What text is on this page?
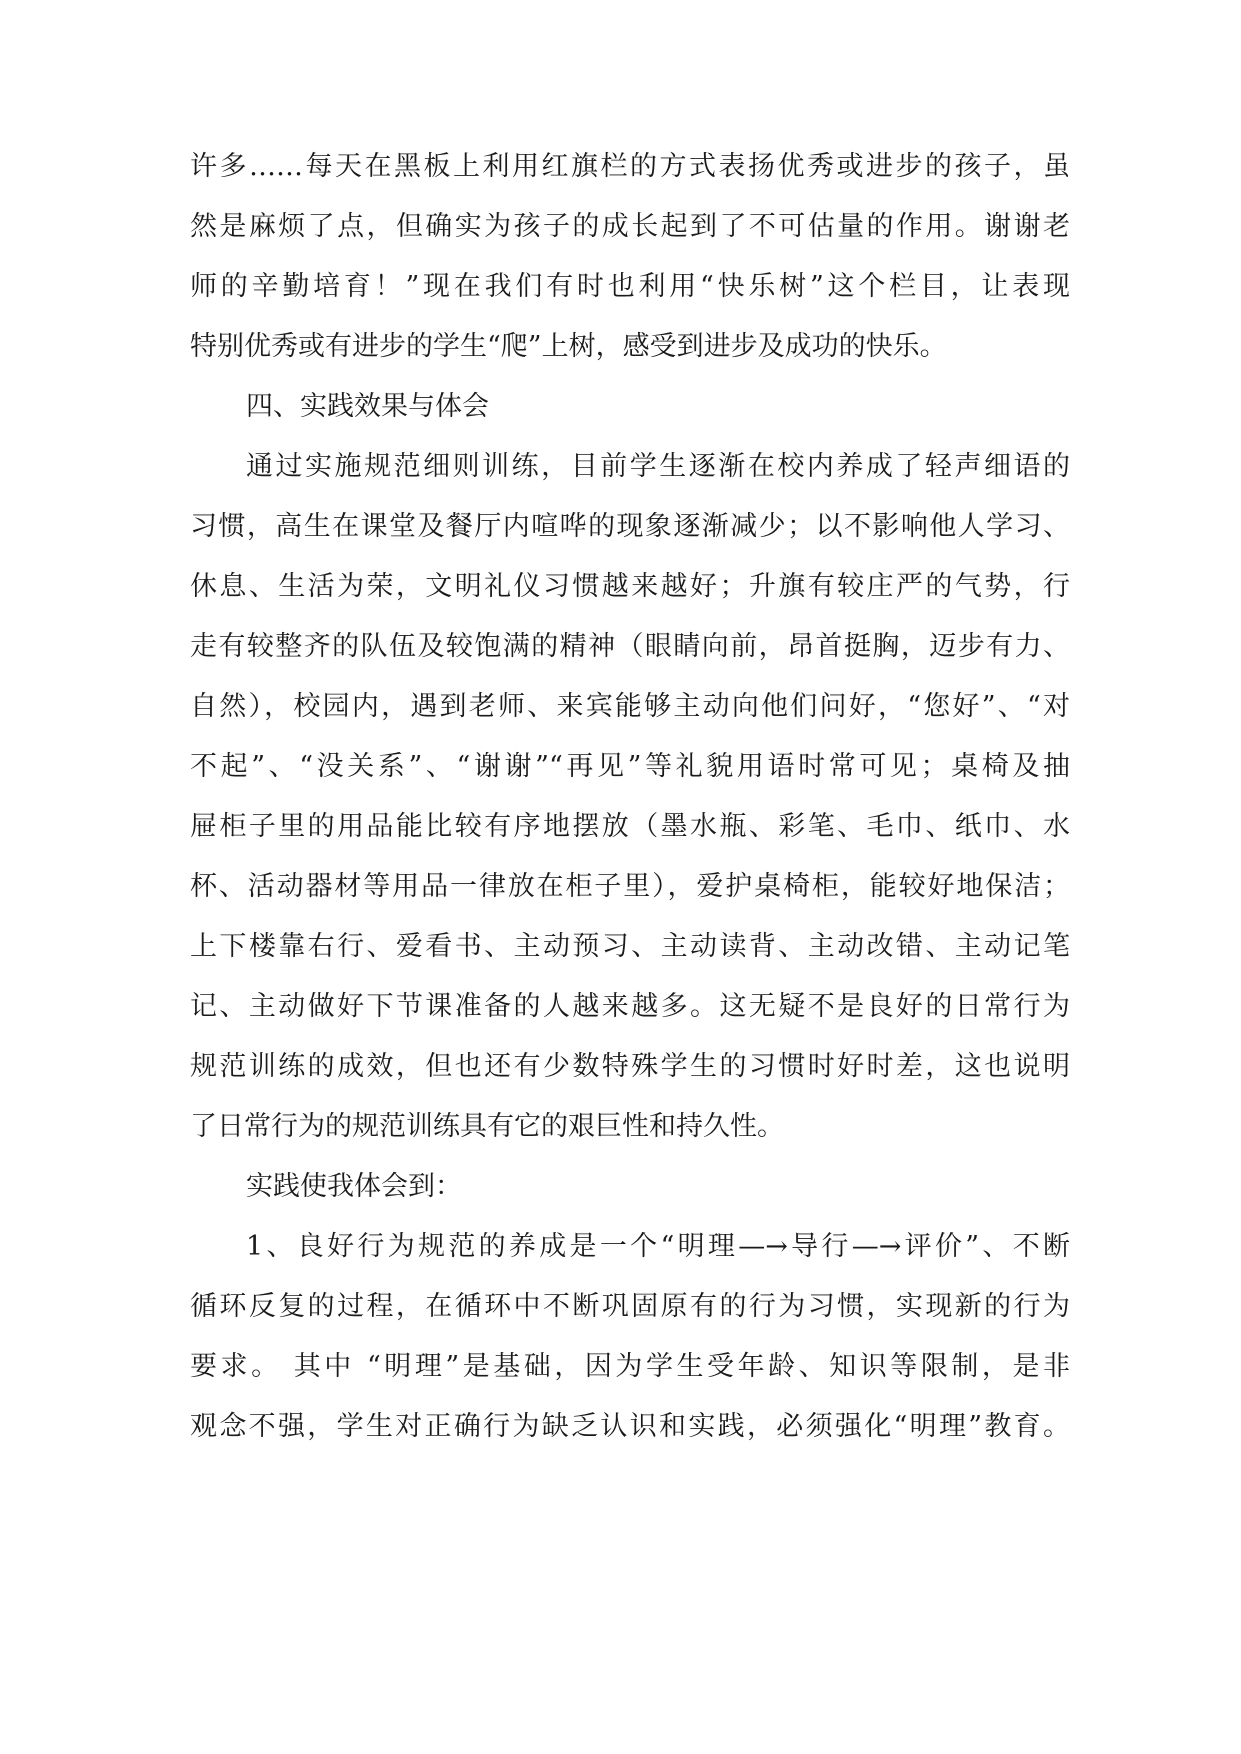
许多……每天在黑板上利用红旗栏的方式表扬优秀或进步的孩子，虽
然是麻烦了点，但确实为孩子的成长起到了不可估量的作用。谢谢老
师的辛勤培育！”现在我们有时也利用“快乐树”这个栏目，让表现
特别优秀或有进步的学生“爬”上树，感受到进步及成功的快乐。
四、实践效果与体会
通过实施规范细则训练，目前学生逐渐在校内养成了轻声细语的
习惯，高生在课堂及餐厅内喧哗的现象逐渐减少；以不影响他人学习、
休息、生活为荣，文明礼仪习惯越来越好；升旗有较庄严的气势，行
走有较整齐的队伍及较饱满的精神（眼睛向前，昂首挺胸，迈步有力、
自然），校园内，遇到老师、来宾能够主动向他们问好，“您好”、“对
不起”、“没关系”、“谢谢”“再见”等礼貌用语时常可见；桌椅及抽
屉柜子里的用品能比较有序地摆放（墨水瓶、彩笔、毛巾、纸巾、水
杯、活动器材等用品一律放在柜子里），爱护桌椅柜，能较好地保洁；
上下楼靠右行、爱看书、主动预习、主动读背、主动改错、主动记笔
记、主动做好下节课准备的人越来越多。这无疑不是良好的日常行为
规范训练的成效，但也还有少数特殊学生的习惯时好时差，这也说明
了日常行为的规范训练具有它的艰巨性和持久性。
实践使我体会到：
1、良好行为规范的养成是一个“明理—→导行—→评价”、不断
循环反复的过程，在循环中不断巩固原有的行为习惯，实现新的行为
要求。 其中 “明理”是基础，因为学生受年龄、知识等限制，是非
观念不强，学生对正确行为缺乏认识和实践，必须强化“明理”教育。
